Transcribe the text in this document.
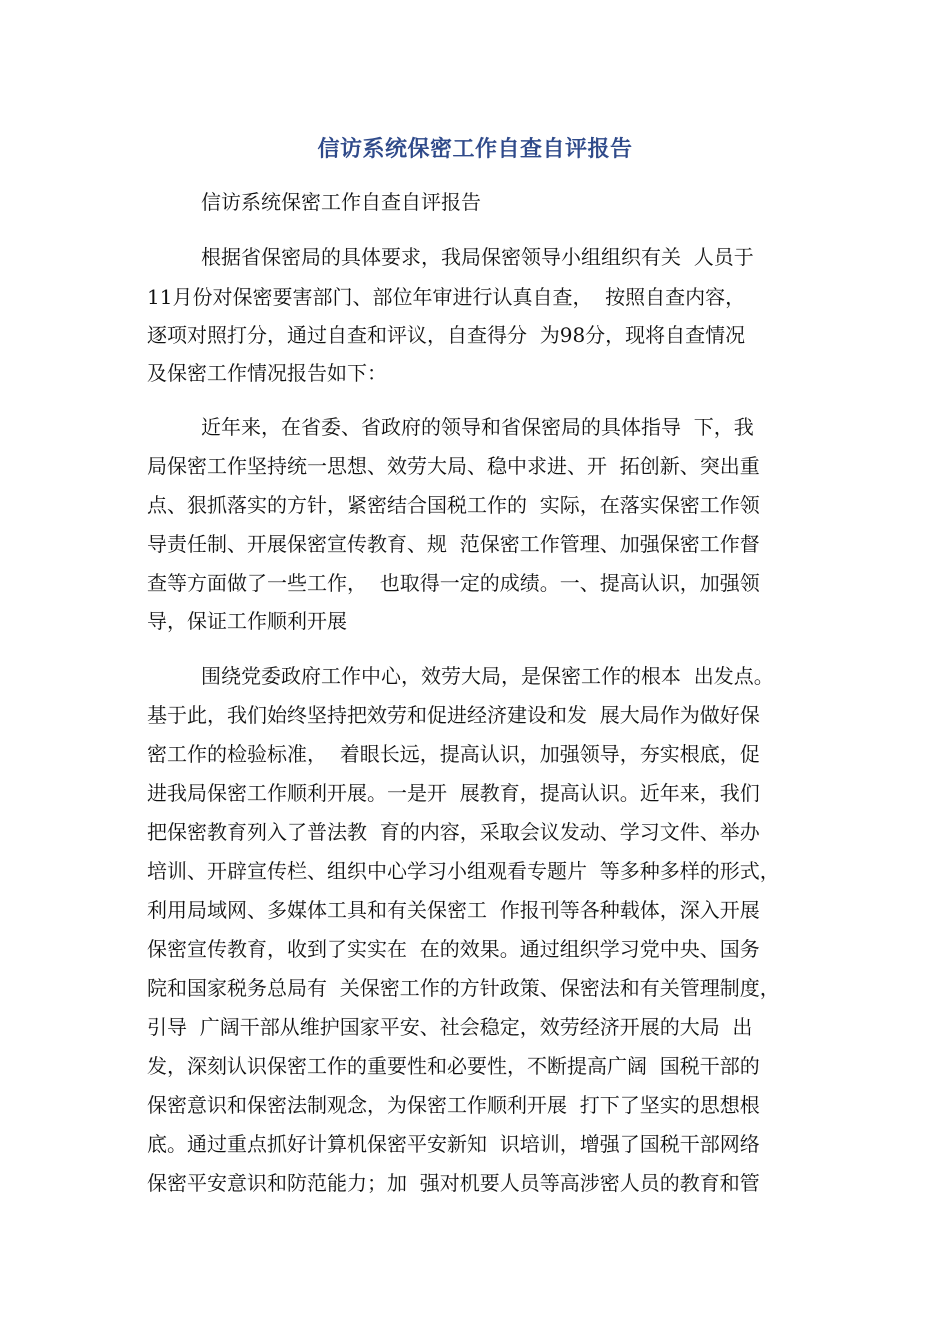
信访系统保密工作自查自评报告
信访系统保密工作自查自评报告
根据省保密局的具体要求，我局保密领导小组组织有关  人员于
11月份对保密要害部门、部位年审进行认真自查，  按照自查内容，
逐项对照打分，通过自查和评议，自查得分  为98分，现将自查情况
及保密工作情况报告如下：
近年来，在省委、省政府的领导和省保密局的具体指导  下，我
局保密工作坚持统一思想、效劳大局、稳中求进、开  拓创新、突出重
点、狠抓落实的方针，紧密结合国税工作的  实际，在落实保密工作领
导责任制、开展保密宣传教育、规  范保密工作管理、加强保密工作督
查等方面做了一些工作，  也取得一定的成绩。一、提高认识，加强领
导，保证工作顺利开展
围绕党委政府工作中心，效劳大局，是保密工作的根本  出发点。
基于此，我们始终坚持把效劳和促进经济建设和发  展大局作为做好保
密工作的检验标准，  着眼长远，提高认识，加强领导，夯实根底，促
进我局保密工作顺利开展。一是开  展教育，提高认识。近年来，我们
把保密教育列入了普法教  育的内容，采取会议发动、学习文件、举办
培训、开辟宣传栏、组织中心学习小组观看专题片  等多种多样的形式，
利用局域网、多媒体工具和有关保密工  作报刊等各种载体，深入开展
保密宣传教育，收到了实实在  在的效果。通过组织学习党中央、国务
院和国家税务总局有  关保密工作的方针政策、保密法和有关管理制度，
引导  广阔干部从维护国家平安、社会稳定，效劳经济开展的大局  出
发，深刻认识保密工作的重要性和必要性，不断提高广阔  国税干部的
保密意识和保密法制观念，为保密工作顺利开展  打下了坚实的思想根
底。通过重点抓好计算机保密平安新知  识培训，增强了国税干部网络
保密平安意识和防范能力；加  强对机要人员等高涉密人员的教育和管
